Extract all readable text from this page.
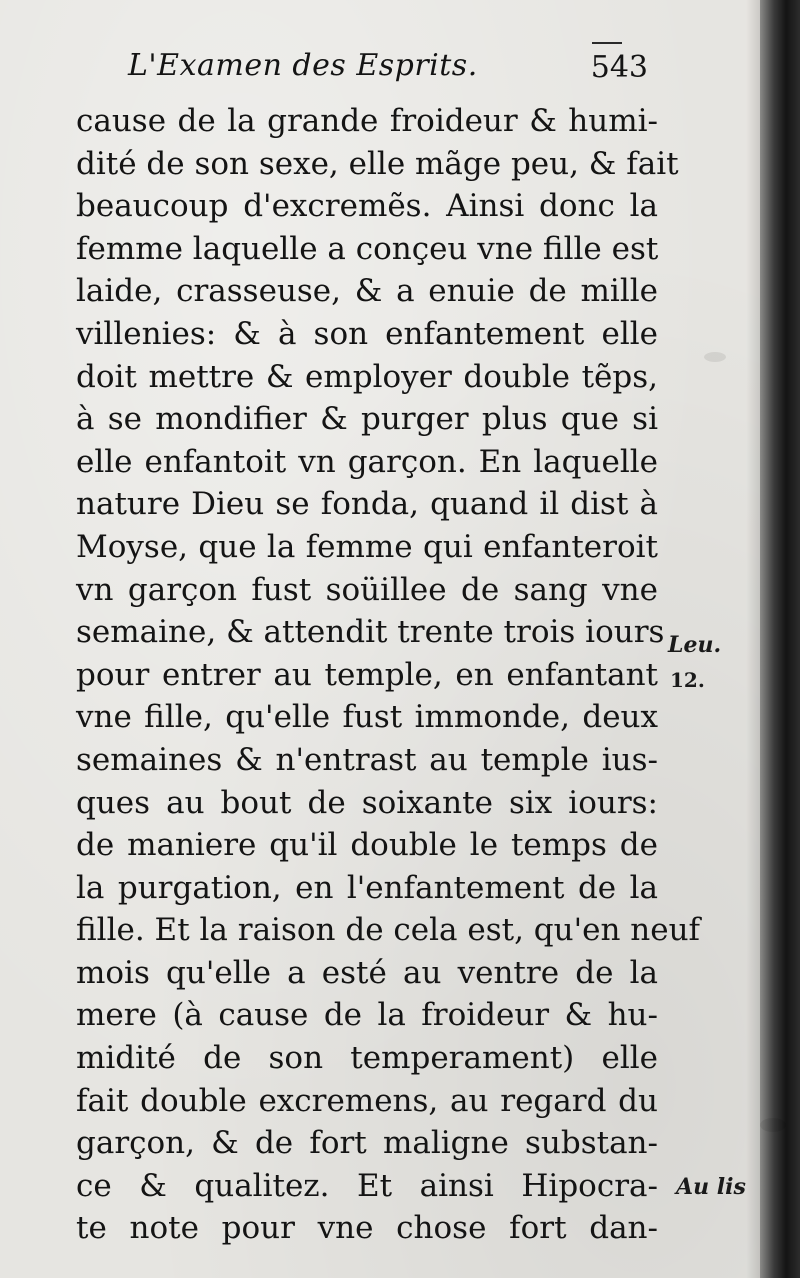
L'Examen des Esprits.	543
cause de la grande froideur & humi-
dité de son sexe, elle mãge peu, & fait
beaucoup d'excremẽs. Ainsi donc la
femme laquelle a conçeu vne fille est
laide, crasseuse, & a enuie de mille
villenies: & à son enfantement elle
doit mettre & employer double tẽps,
à se mondifier & purger plus que si
elle enfantoit vn garçon. En laquelle
nature Dieu se fonda, quand il dist à
Moyse, que la femme qui enfanteroit
vn garçon fust soüillee de sang vne
semaine, & attendit trente trois iours
pour entrer au temple, en enfantant
vne fille, qu'elle fust immonde, deux
semaines & n'entrast au temple ius-
ques au bout de soixante six iours:
de maniere qu'il double le temps de
la purgation, en l'enfantement de la
fille. Et la raison de cela est, qu'en neuf
mois qu'elle a esté au ventre de la
mere (à cause de la froideur & hu-
midité de son temperament) elle
fait double excremens, au regard du
garçon, & de fort maligne substan-
ce & qualitez. Et ainsi Hipocra-
te note pour vne chose fort dan-
Leu.
12.
Au lis
